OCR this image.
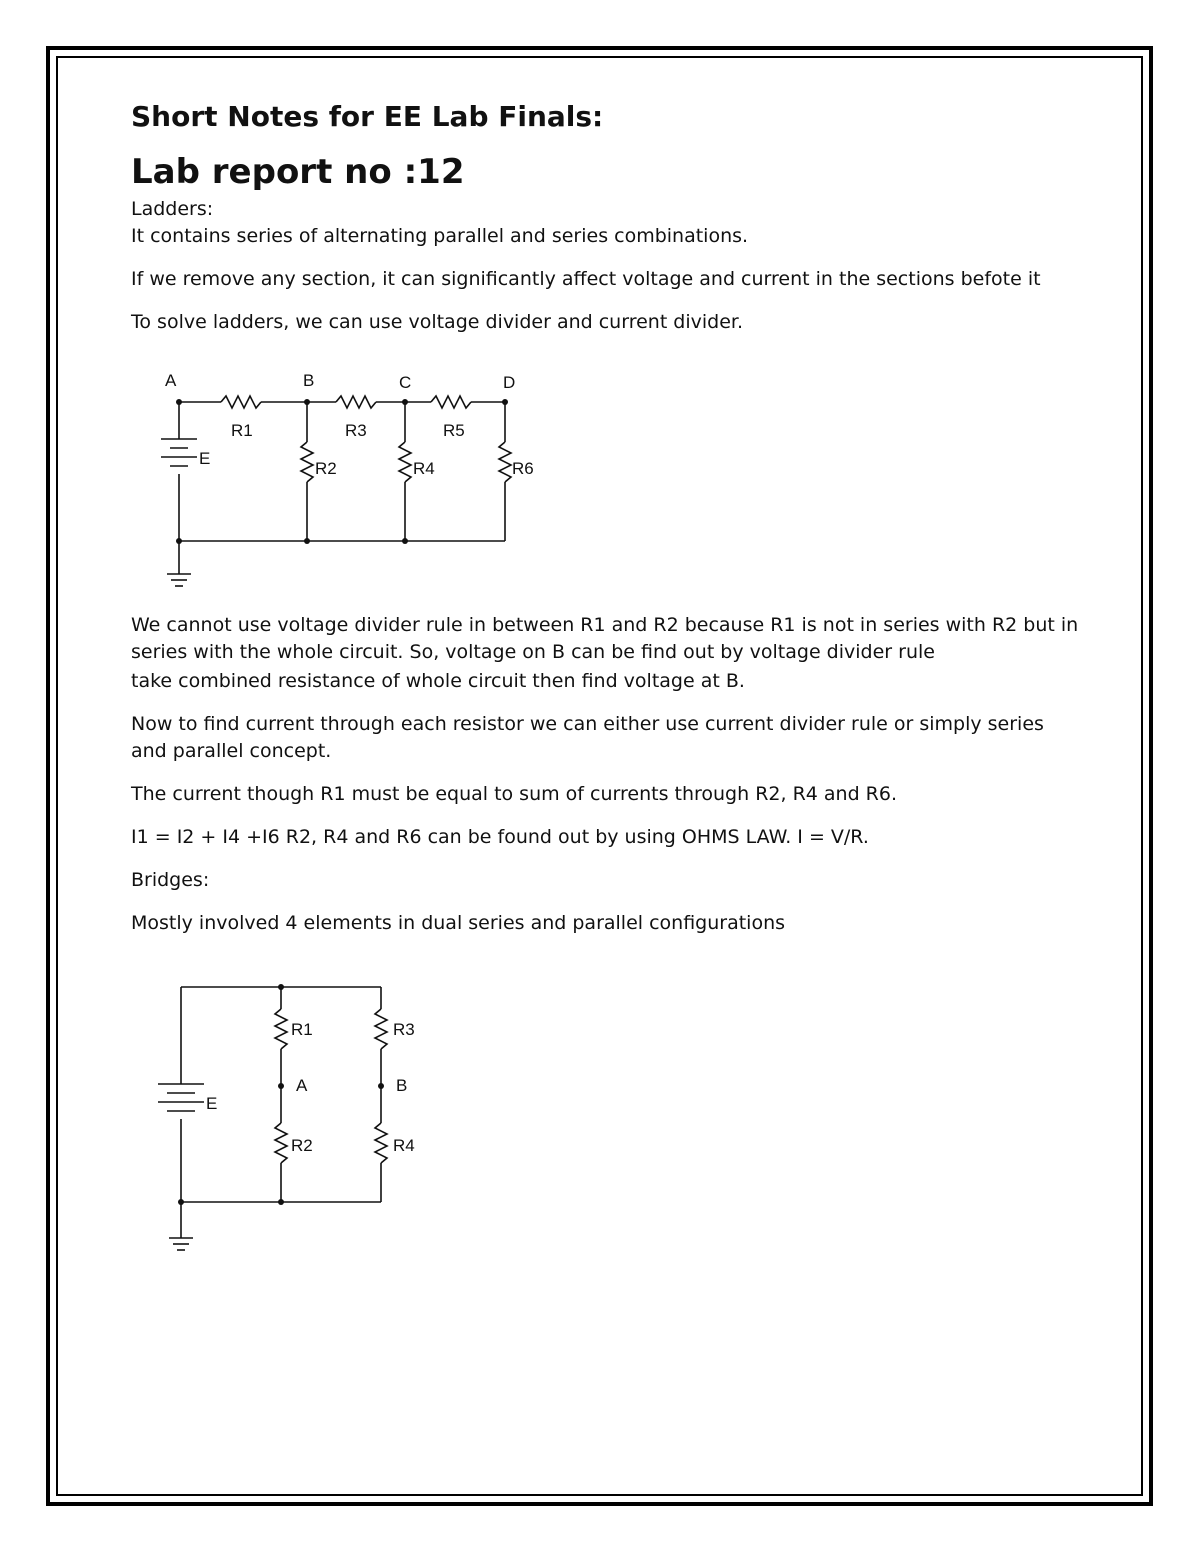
Short Notes for EE Lab Finals:
Lab report no :12

Ladders:

It contains series of alternating parallel and series combinations.

If we remove any section, it can significantly affect voltage and current in the sections befote it

To solve ladders, we can use voltage divider and current divider.

A	B	C	D
R1
R2
R3
R4
R5
R6
E

We cannot use voltage divider rule in between R1 and R2 because R1 is not in series with R2 but in series with the whole circuit. So, voltage on B can be find out by voltage divider rule

take combined resistance of whole circuit then find voltage at B.

Now to find current through each resistor we can either use current divider rule or simply series and parallel concept.

The current though R1 must be equal to sum of currents through R2, R4 and R6.

I1 = I2 + I4 +I6 R2, R4 and R6 can be found out by using OHMS LAW. I = V/R.

Bridges:

Mostly involved 4 elements in dual series and parallel configurations

R1
R2
R3
R4
A	B
E
